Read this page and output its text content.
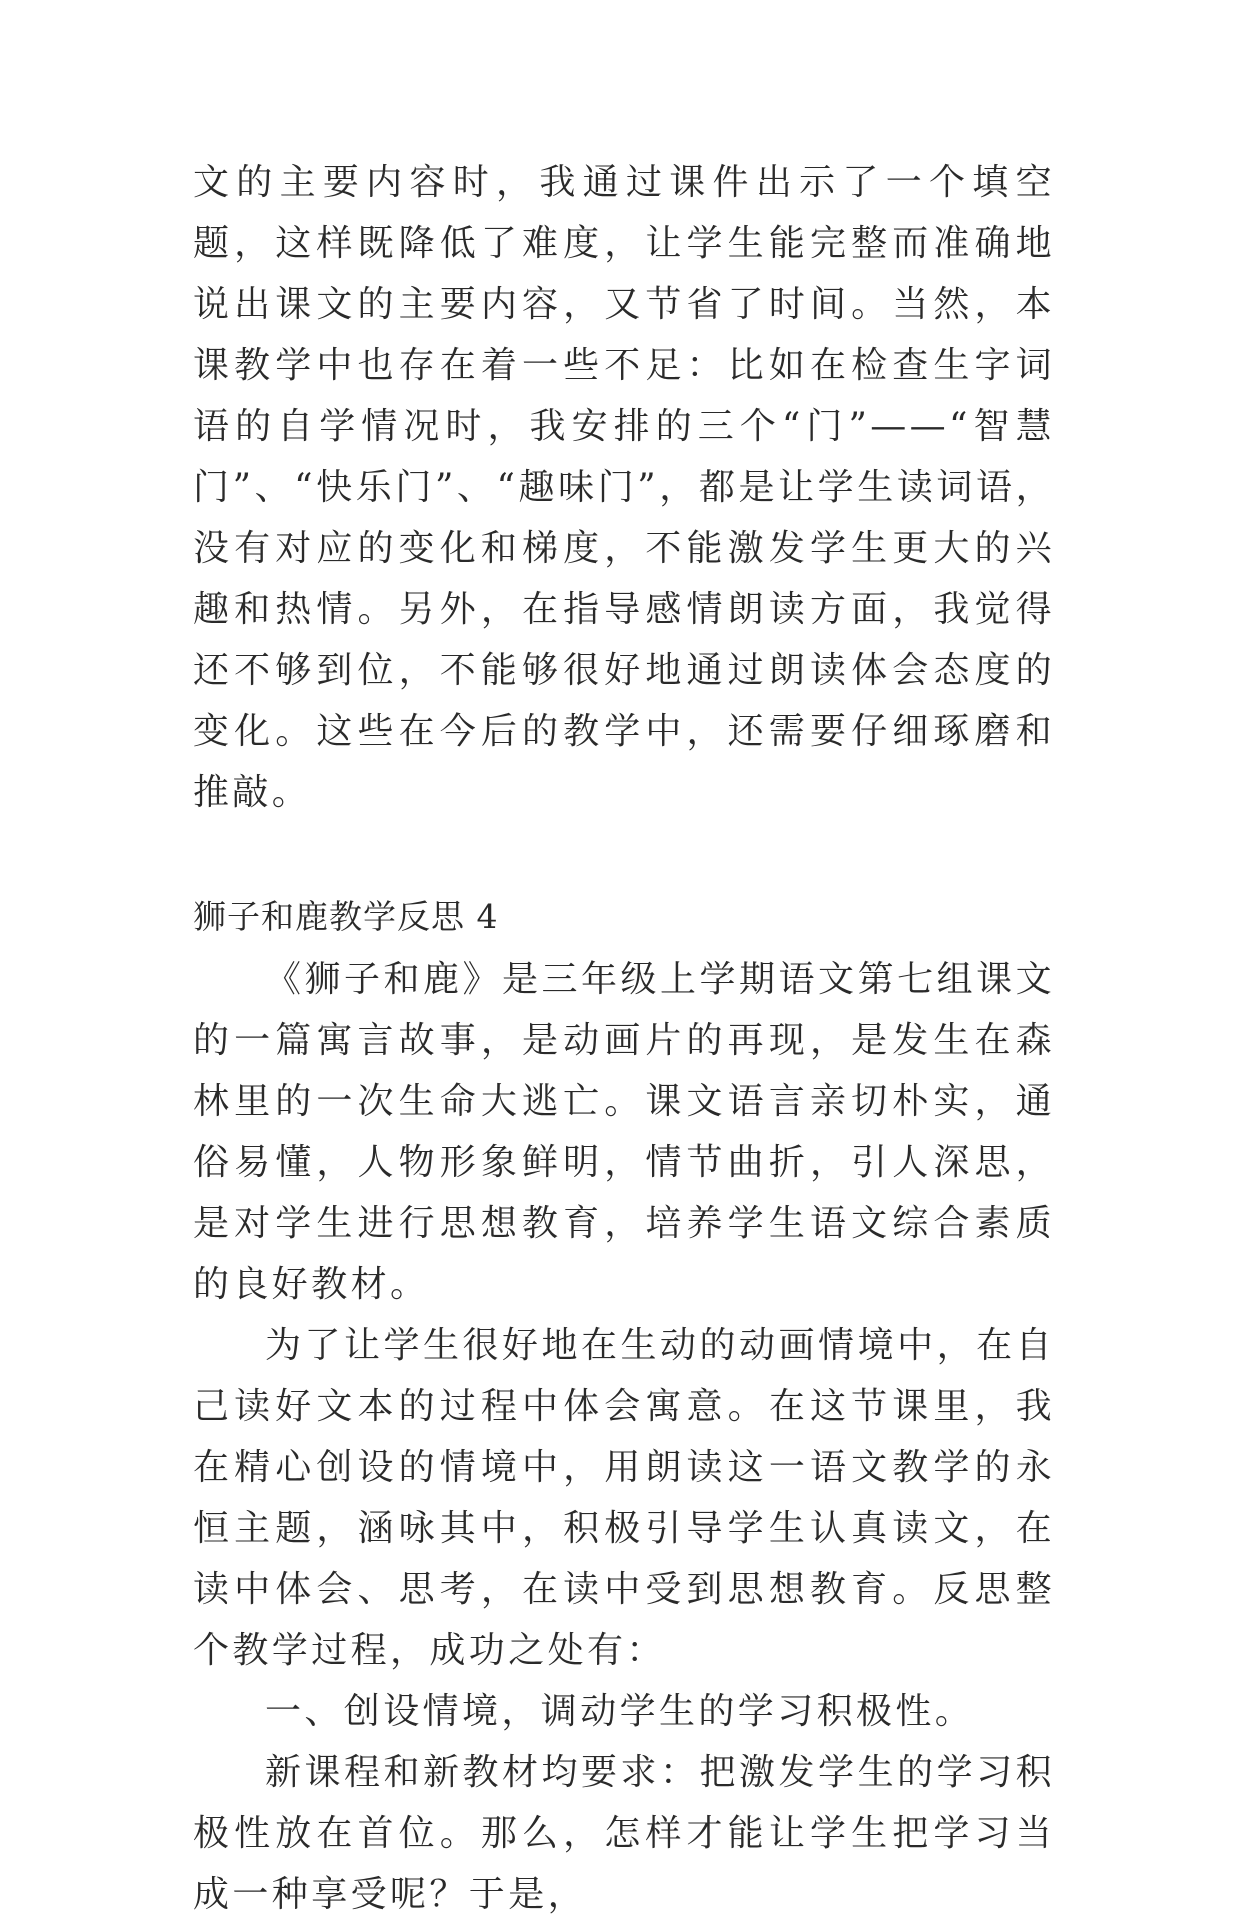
文的主要内容时，我通过课件出示了一个填空题，这样既降低了难度，让学生能完整而准确地说出课文的主要内容，又节省了时间。当然，本课教学中也存在着一些不足：比如在检查生字词语的自学情况时，我安排的三个“门”——“智慧门”、“快乐门”、“趣味门”，都是让学生读词语，没有对应的变化和梯度，不能激发学生更大的兴趣和热情。另外，在指导感情朗读方面，我觉得还不够到位，不能够很好地通过朗读体会态度的变化。这些在今后的教学中，还需要仔细琢磨和推敲。

狮子和鹿教学反思 4

《狮子和鹿》是三年级上学期语文第七组课文的一篇寓言故事，是动画片的再现，是发生在森林里的一次生命大逃亡。课文语言亲切朴实，通俗易懂，人物形象鲜明，情节曲折，引人深思，是对学生进行思想教育，培养学生语文综合素质的良好教材。

为了让学生很好地在生动的动画情境中，在自己读好文本的过程中体会寓意。在这节课里，我在精心创设的情境中，用朗读这一语文教学的永恒主题，涵咏其中，积极引导学生认真读文，在读中体会、思考，在读中受到思想教育。反思整个教学过程，成功之处有：

一、创设情境，调动学生的学习积极性。

新课程和新教材均要求：把激发学生的学习积极性放在首位。那么，怎样才能让学生把学习当成一种享受呢？于是，
